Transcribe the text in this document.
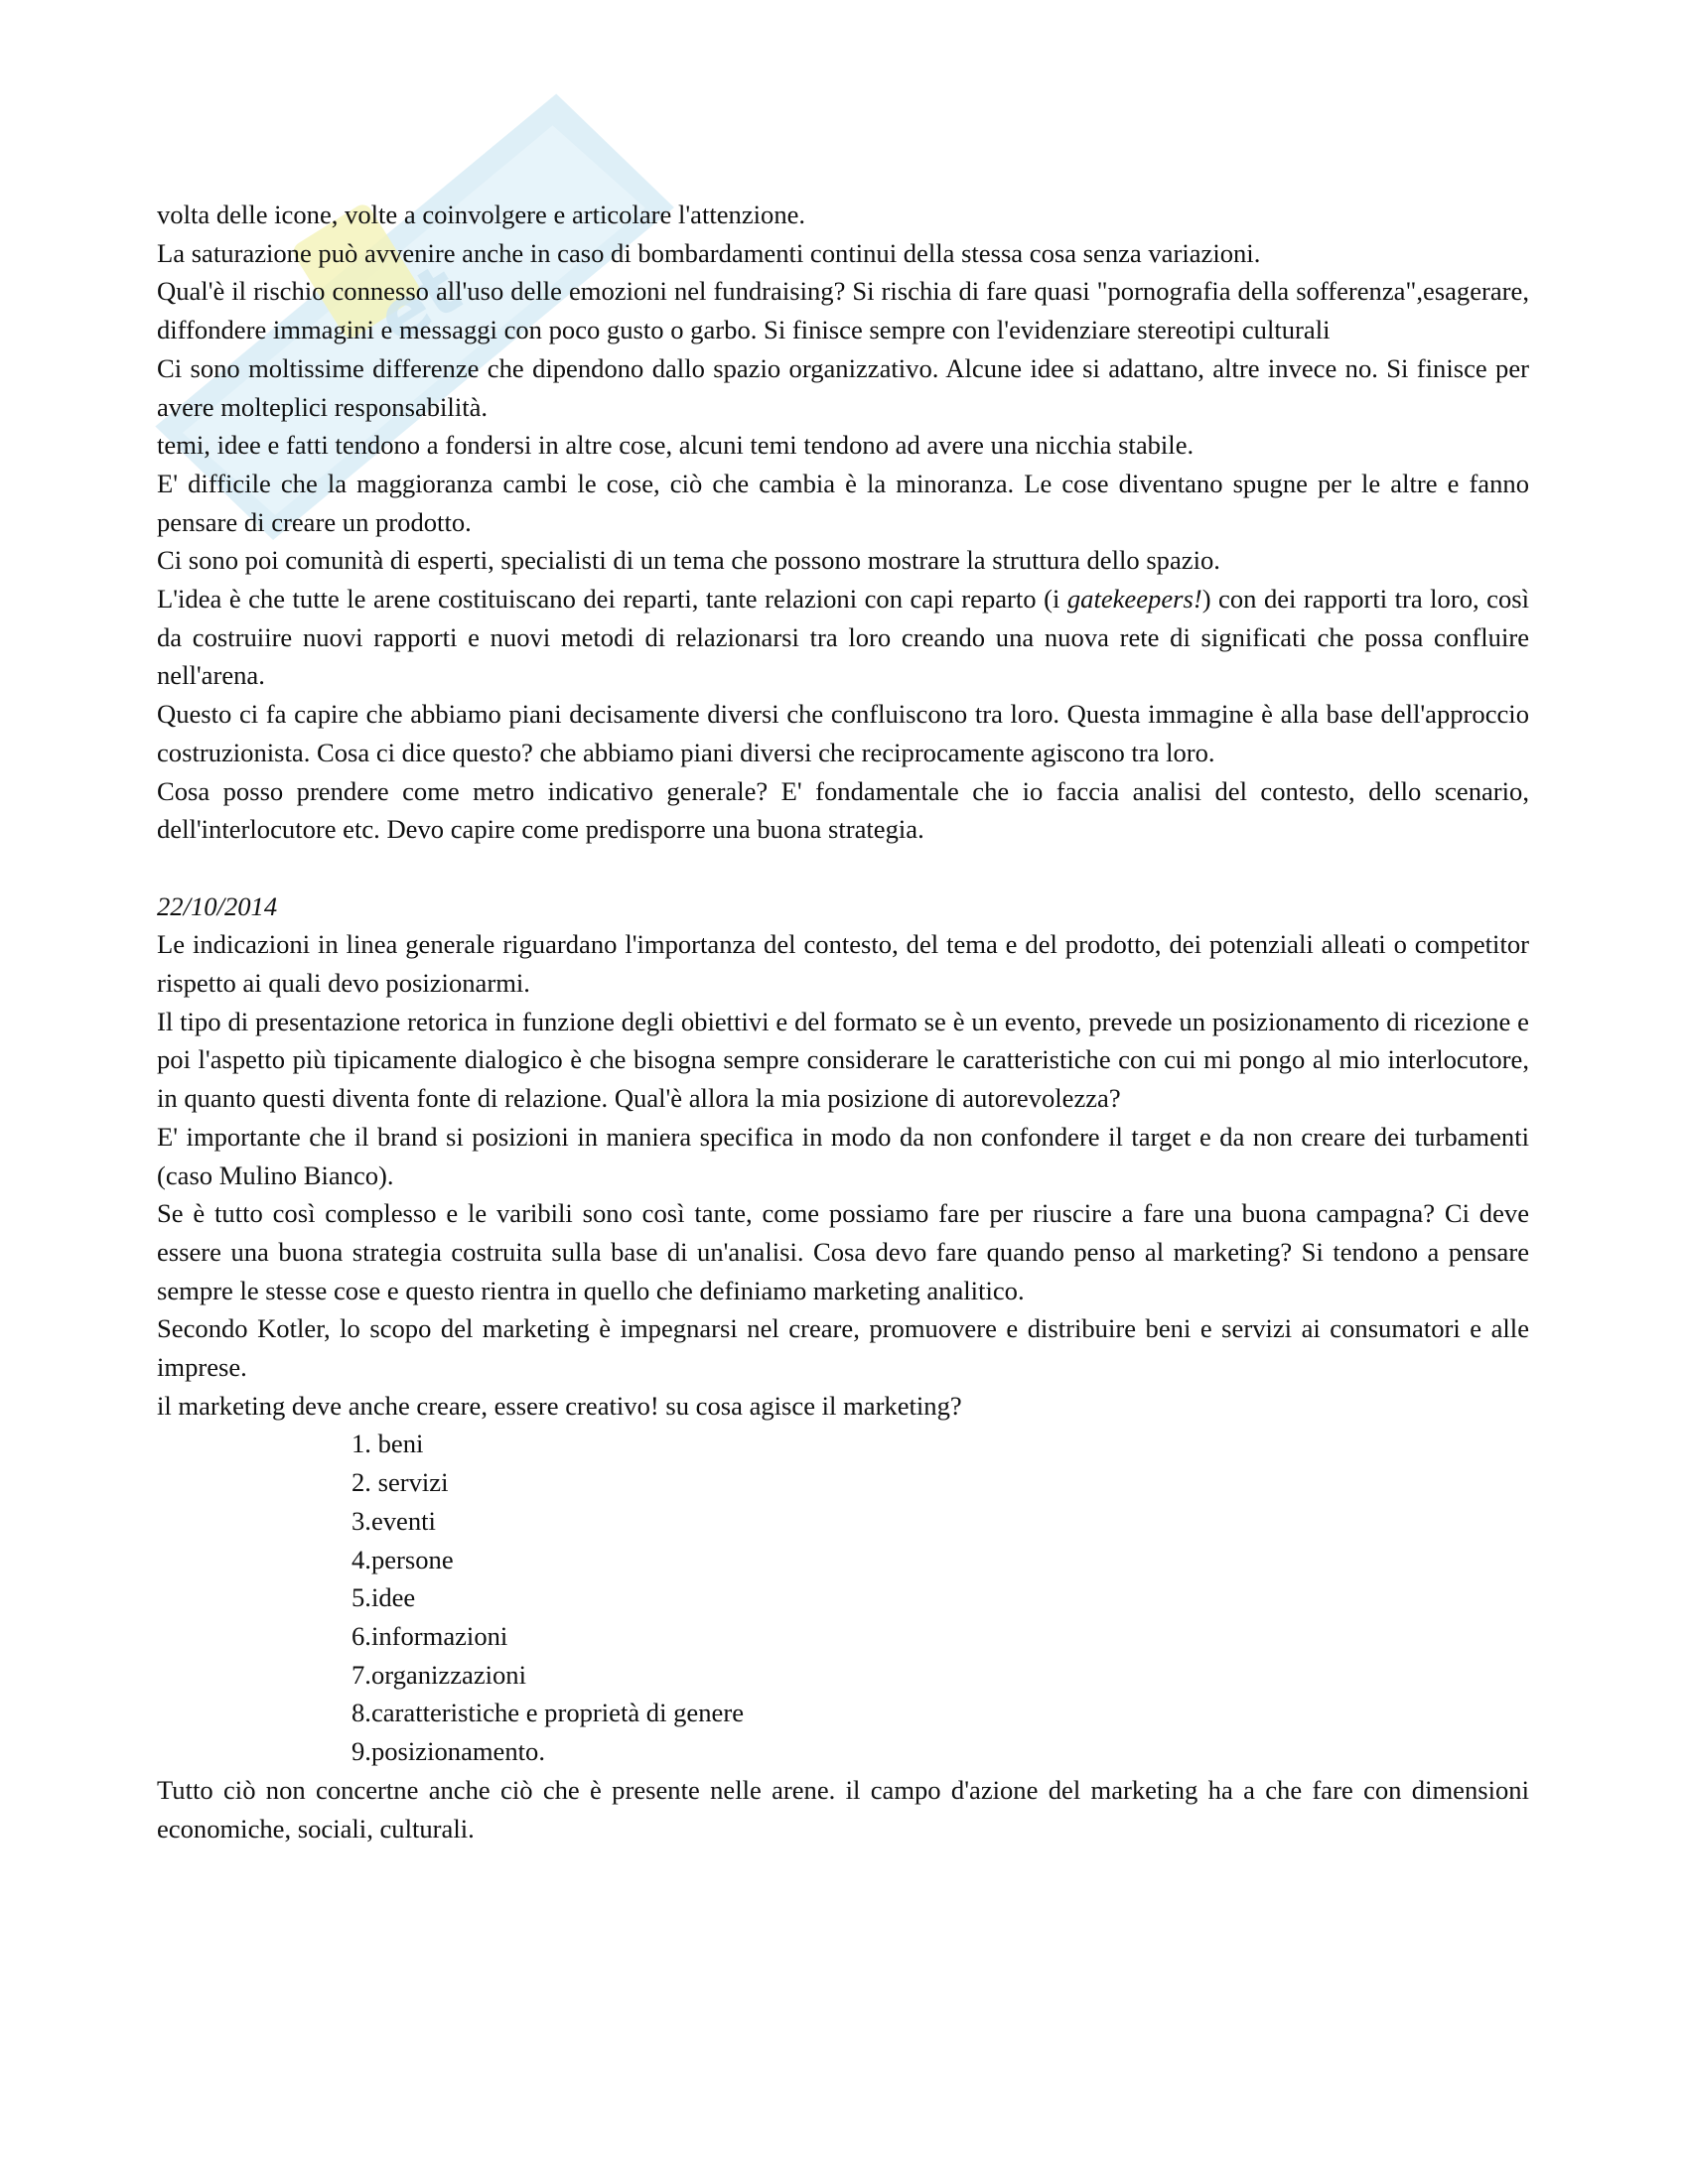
et

volta delle icone, volte a coinvolgere e articolare l'attenzione.

La saturazione può avvenire anche in caso di bombardamenti continui della stessa cosa senza variazioni.

Qual'è il rischio connesso all'uso delle emozioni nel fundraising? Si rischia di fare quasi "pornografia della sofferenza",esagerare, diffondere immagini e messaggi con poco gusto o garbo. Si finisce sempre con l'evidenziare stereotipi culturali

Ci sono moltissime differenze che dipendono dallo spazio organizzativo. Alcune idee si adattano, altre invece no. Si finisce per avere molteplici responsabilità.

temi, idee e fatti tendono a fondersi in altre cose, alcuni temi tendono ad avere una nicchia stabile.

E' difficile che la maggioranza cambi le cose, ciò che cambia è la minoranza. Le cose diventano spugne per le altre e fanno pensare di creare un prodotto.

Ci sono poi comunità di esperti, specialisti di un tema che possono mostrare la struttura dello spazio.

L'idea è che tutte le arene costituiscano dei reparti, tante relazioni con capi reparto (i gatekeepers!) con dei rapporti tra loro, così da costruiire nuovi rapporti e nuovi metodi di relazionarsi tra loro creando una nuova rete di significati che possa confluire nell'arena.

Questo ci fa capire che abbiamo piani decisamente diversi che confluiscono tra loro. Questa immagine è alla base dell'approccio costruzionista. Cosa ci dice questo? che abbiamo piani diversi che reciprocamente agiscono tra loro.

Cosa posso prendere come metro indicativo generale? E' fondamentale che io faccia analisi del contesto, dello scenario, dell'interlocutore etc. Devo capire come predisporre una buona strategia.

22/10/2014

Le indicazioni in linea generale riguardano l'importanza del contesto, del tema e del prodotto, dei potenziali alleati o competitor rispetto ai quali devo posizionarmi.

Il tipo di presentazione retorica in funzione degli obiettivi e del formato se è un evento, prevede un posizionamento di ricezione e poi l'aspetto più tipicamente dialogico è che bisogna sempre considerare le caratteristiche con cui mi pongo al mio interlocutore, in quanto questi diventa fonte di relazione. Qual'è allora la mia posizione di autorevolezza?

E' importante che il brand si posizioni in maniera specifica in modo da non confondere il target e da non creare dei turbamenti (caso Mulino Bianco).

Se è tutto così complesso e le varibili sono così tante, come possiamo fare per riuscire a fare una buona campagna? Ci deve essere una buona strategia costruita sulla base di un'analisi. Cosa devo fare quando penso al marketing? Si tendono a pensare sempre le stesse cose e questo rientra in quello che definiamo marketing analitico.

Secondo Kotler, lo scopo del marketing è impegnarsi nel creare, promuovere e distribuire beni e servizi ai consumatori e alle imprese.

il marketing deve anche creare, essere creativo! su cosa agisce il marketing?

1. beni
2. servizi
3.eventi
4.persone
5.idee
6.informazioni
7.organizzazioni
8.caratteristiche e proprietà di genere
9.posizionamento.

Tutto ciò non concertne anche ciò che è presente nelle arene. il campo d'azione del marketing ha a che fare con dimensioni economiche, sociali, culturali.
